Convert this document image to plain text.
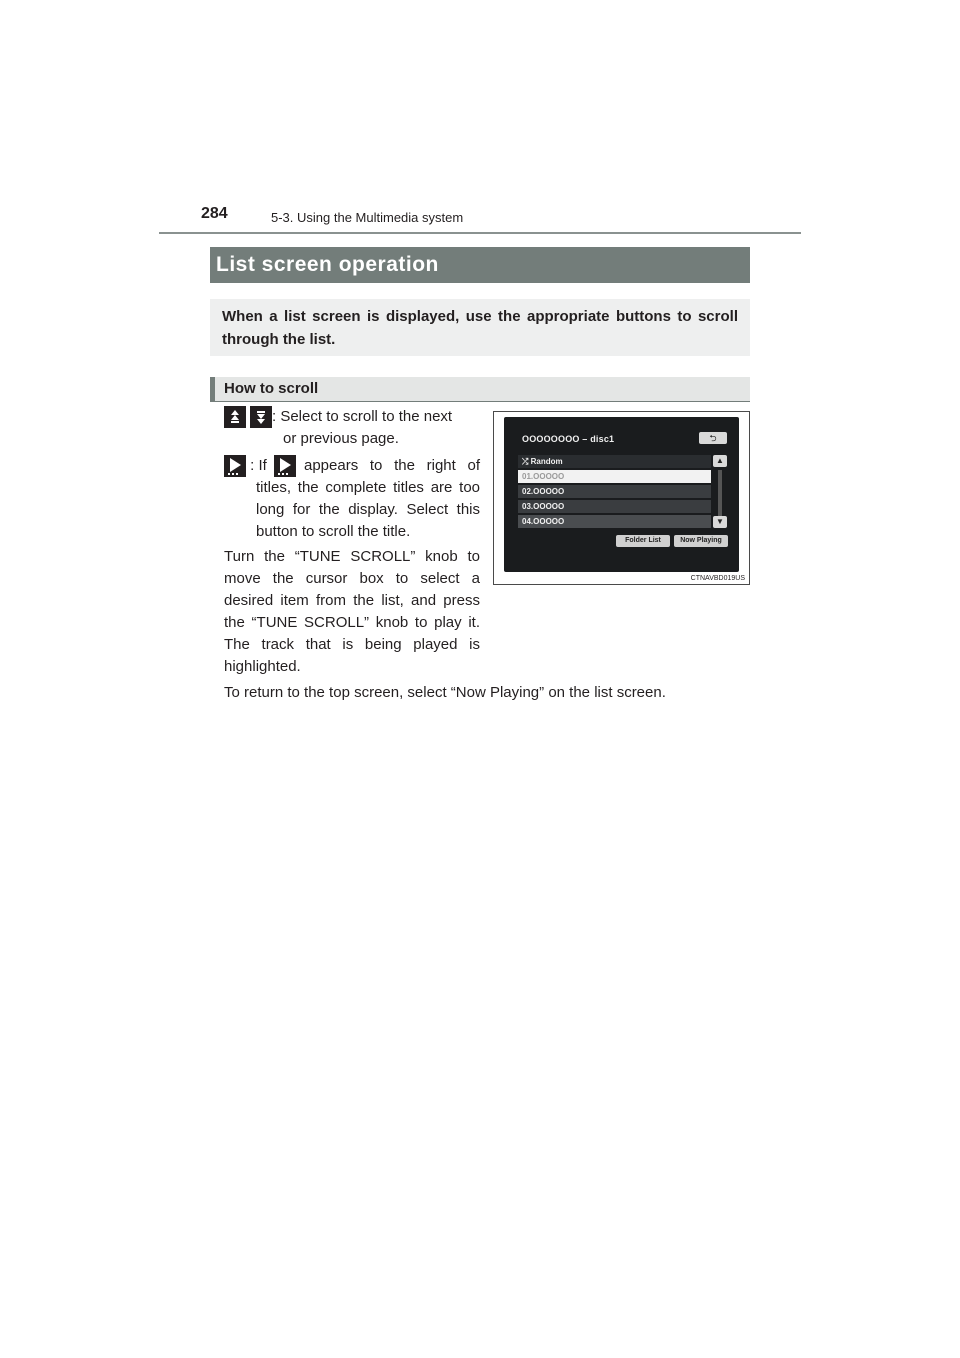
284	5-3. Using the Multimedia system
List screen operation
When a list screen is displayed, use the appropriate buttons to scroll through the list.
How to scroll
: Select to scroll to the next
or previous page.
: If	appears to the right of titles, the complete titles are too long for the display. Select this button to scroll the title.
Turn the “TUNE SCROLL” knob to move the cursor box to select a desired item from the list, and press the “TUNE SCROLL” knob to play it. The track that is being played is highlighted.
To return to the top screen, select “Now Playing” on the list screen.
OOOOOOOO – disc1	⮌
⤮ Random
01.OOOOO
02.OOOOO
03.OOOOO
04.OOOOO
▲
▼
Folder List	Now Playing
CTNAVBD019US
